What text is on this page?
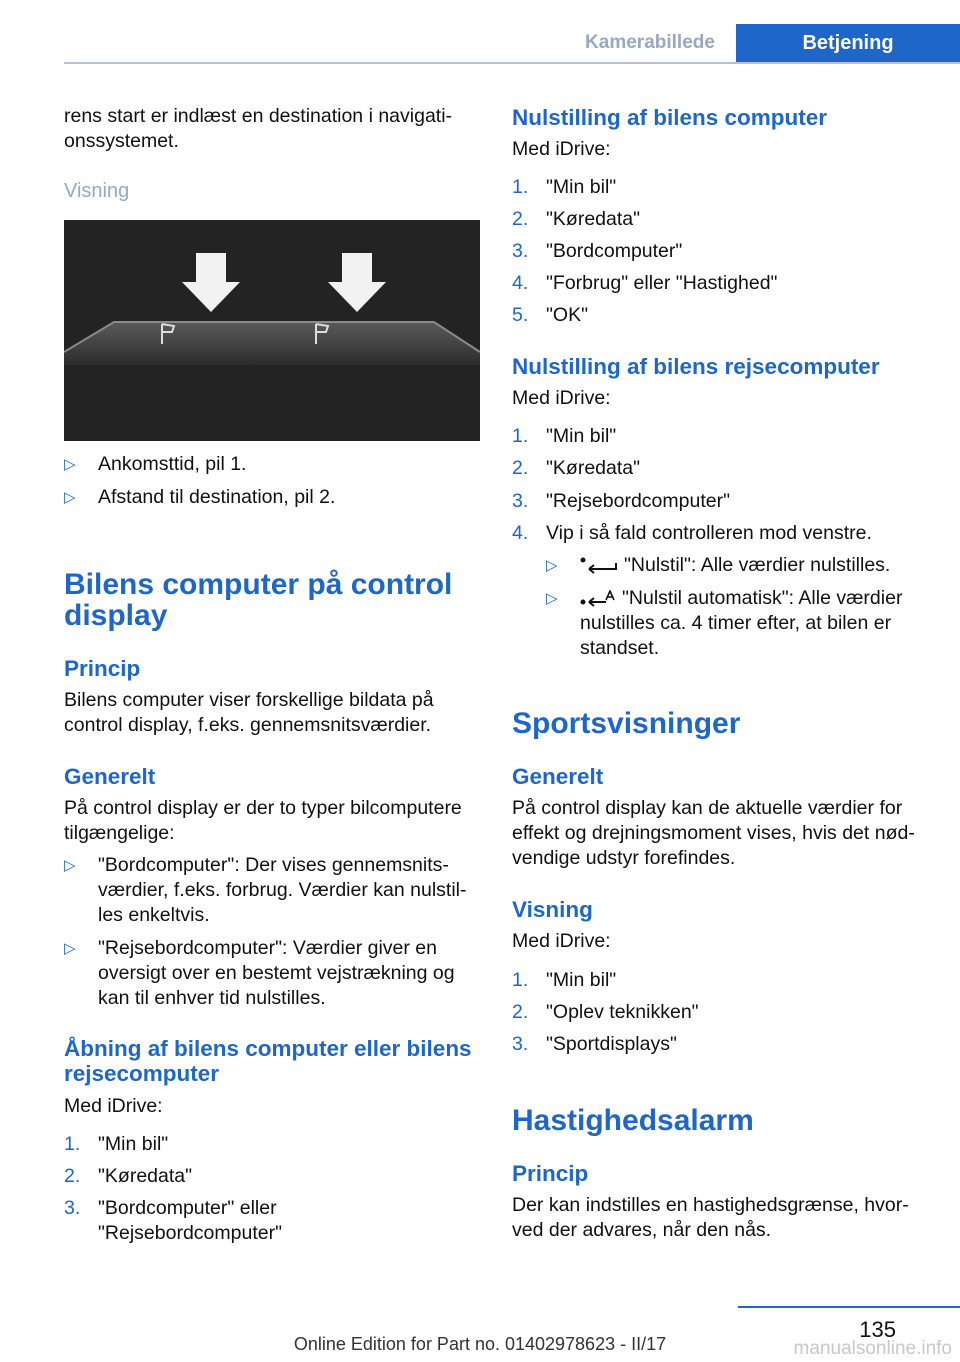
Kamerabillede	Betjening

rens start er indlæst en destination i navigati- onssystemet.

Visning

▷ Ankomsttid, pil 1.
▷ Afstand til destination, pil 2.

Bilens computer på control display

Princip

Bilens computer viser forskellige bildata på control display, f.eks. gennemsnitsværdier.

Generelt

På control display er der to typer bilcomputere tilgængelige:

▷ "Bordcomputer": Der vises gennemsnits- værdier, f.eks. forbrug. Værdier kan nulstil- les enkeltvis.
▷ "Rejsebordcomputer": Værdier giver en oversigt over en bestemt vejstrækning og kan til enhver tid nulstilles.

Åbning af bilens computer eller bilens rejsecomputer

Med iDrive:

1. "Min bil"
2. "Køredata"
3. "Bordcomputer" eller "Rejsebordcomputer"

Nulstilling af bilens computer

Med iDrive:

1. "Min bil"
2. "Køredata"
3. "Bordcomputer"
4. "Forbrug" eller "Hastighed"
5. "OK"

Nulstilling af bilens rejsecomputer

Med iDrive:

1. "Min bil"
2. "Køredata"
3. "Rejsebordcomputer"
4. Vip i så fald controlleren mod venstre.
▷	"Nulstil": Alle værdier nulstilles.
▷	"Nulstil automatisk": Alle værdier nulstilles ca. 4 timer efter, at bilen er standset.

Sportsvisninger

Generelt

På control display kan de aktuelle værdier for effekt og drejningsmoment vises, hvis det nød- vendige udstyr forefindes.

Visning

Med iDrive:

1. "Min bil"
2. "Oplev teknikken"
3. "Sportdisplays"

Hastighedsalarm

Princip

Der kan indstilles en hastighedsgrænse, hvor- ved der advares, når den nås.

135
Online Edition for Part no. 01402978623 - II/17	manualsonline.info
